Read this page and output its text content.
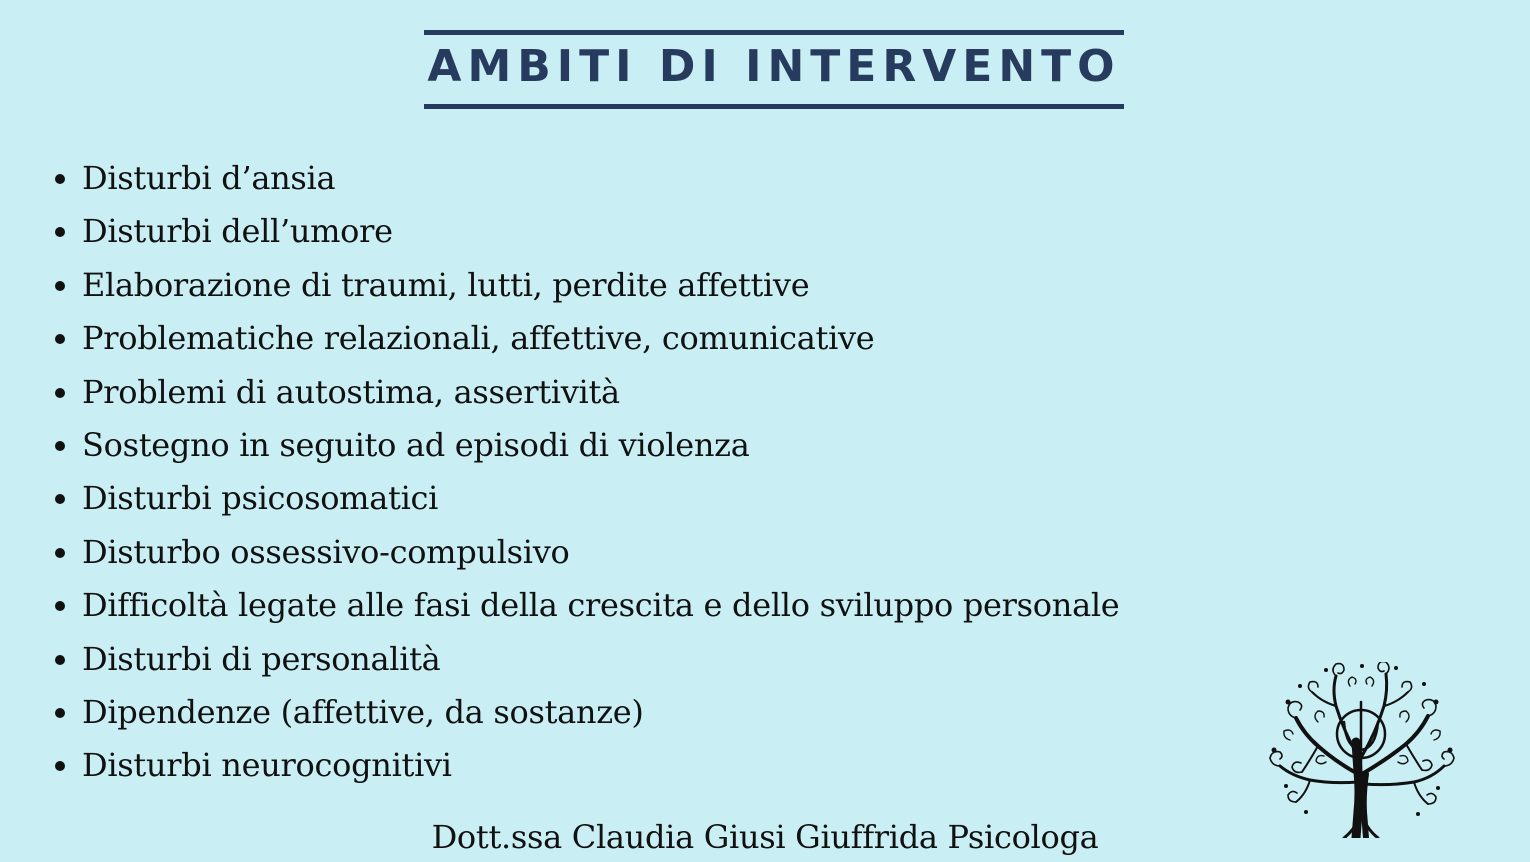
AMBITI DI INTERVENTO
Disturbi d’ansia
Disturbi dell’umore
Elaborazione di traumi, lutti, perdite affettive
Problematiche relazionali, affettive, comunicative
Problemi di autostima, assertività
Sostegno in seguito ad episodi di violenza
Disturbi psicosomatici
Disturbo ossessivo-compulsivo
Difficoltà legate alle fasi della crescita e dello sviluppo personale
Disturbi di personalità
Dipendenze (affettive, da sostanze)
Disturbi neurocognitivi
Dott.ssa Claudia Giusi Giuffrida Psicologa
